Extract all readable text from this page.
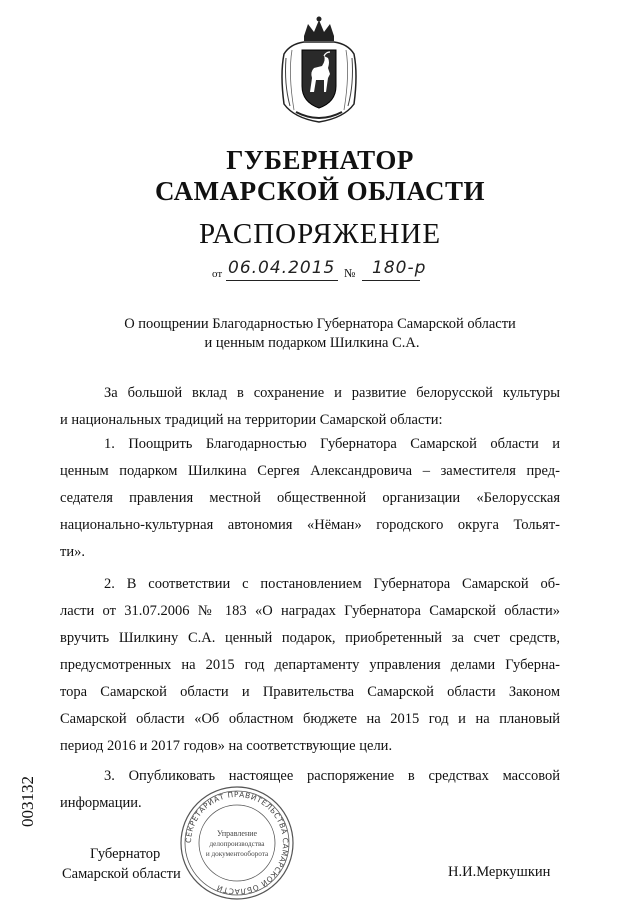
ГУБЕРНАТОР
САМАРСКОЙ ОБЛАСТИ
РАСПОРЯЖЕНИЕ
от 06.04.2015 № 180-р
О поощрении Благодарностью Губернатора Самарской области
и ценным подарком Шилкина С.А.
За большой вклад в сохранение и развитие белорусской культуры
и национальных традиций на территории Самарской области:
1. Поощрить Благодарностью Губернатора Самарской области и
ценным подарком Шилкина Сергея Александровича – заместителя пред-
седателя правления местной общественной организации «Белорусская
национально-культурная автономия «Нёман» городского округа Тольят-
ти».
2. В соответствии с постановлением Губернатора Самарской об-
ласти от 31.07.2006 № 183 «О наградах Губернатора Самарской области»
вручить Шилкину С.А. ценный подарок, приобретенный за счет средств,
предусмотренных на 2015 год департаменту управления делами Губерна-
тора Самарской области и Правительства Самарской области Законом
Самарской области «Об областном бюджете на 2015 год и на плановый
период 2016 и 2017 годов» на соответствующие цели.
3. Опубликовать настоящее распоряжение в средствах массовой
информации.
003132
СЕКРЕТАРИАТ ПРАВИТЕЛЬСТВА САМАРСКОЙ ОБЛАСТИ
Управление
делопроизводства
и документооборота
Губернатор
Самарской области	Н.И.Меркушкин
